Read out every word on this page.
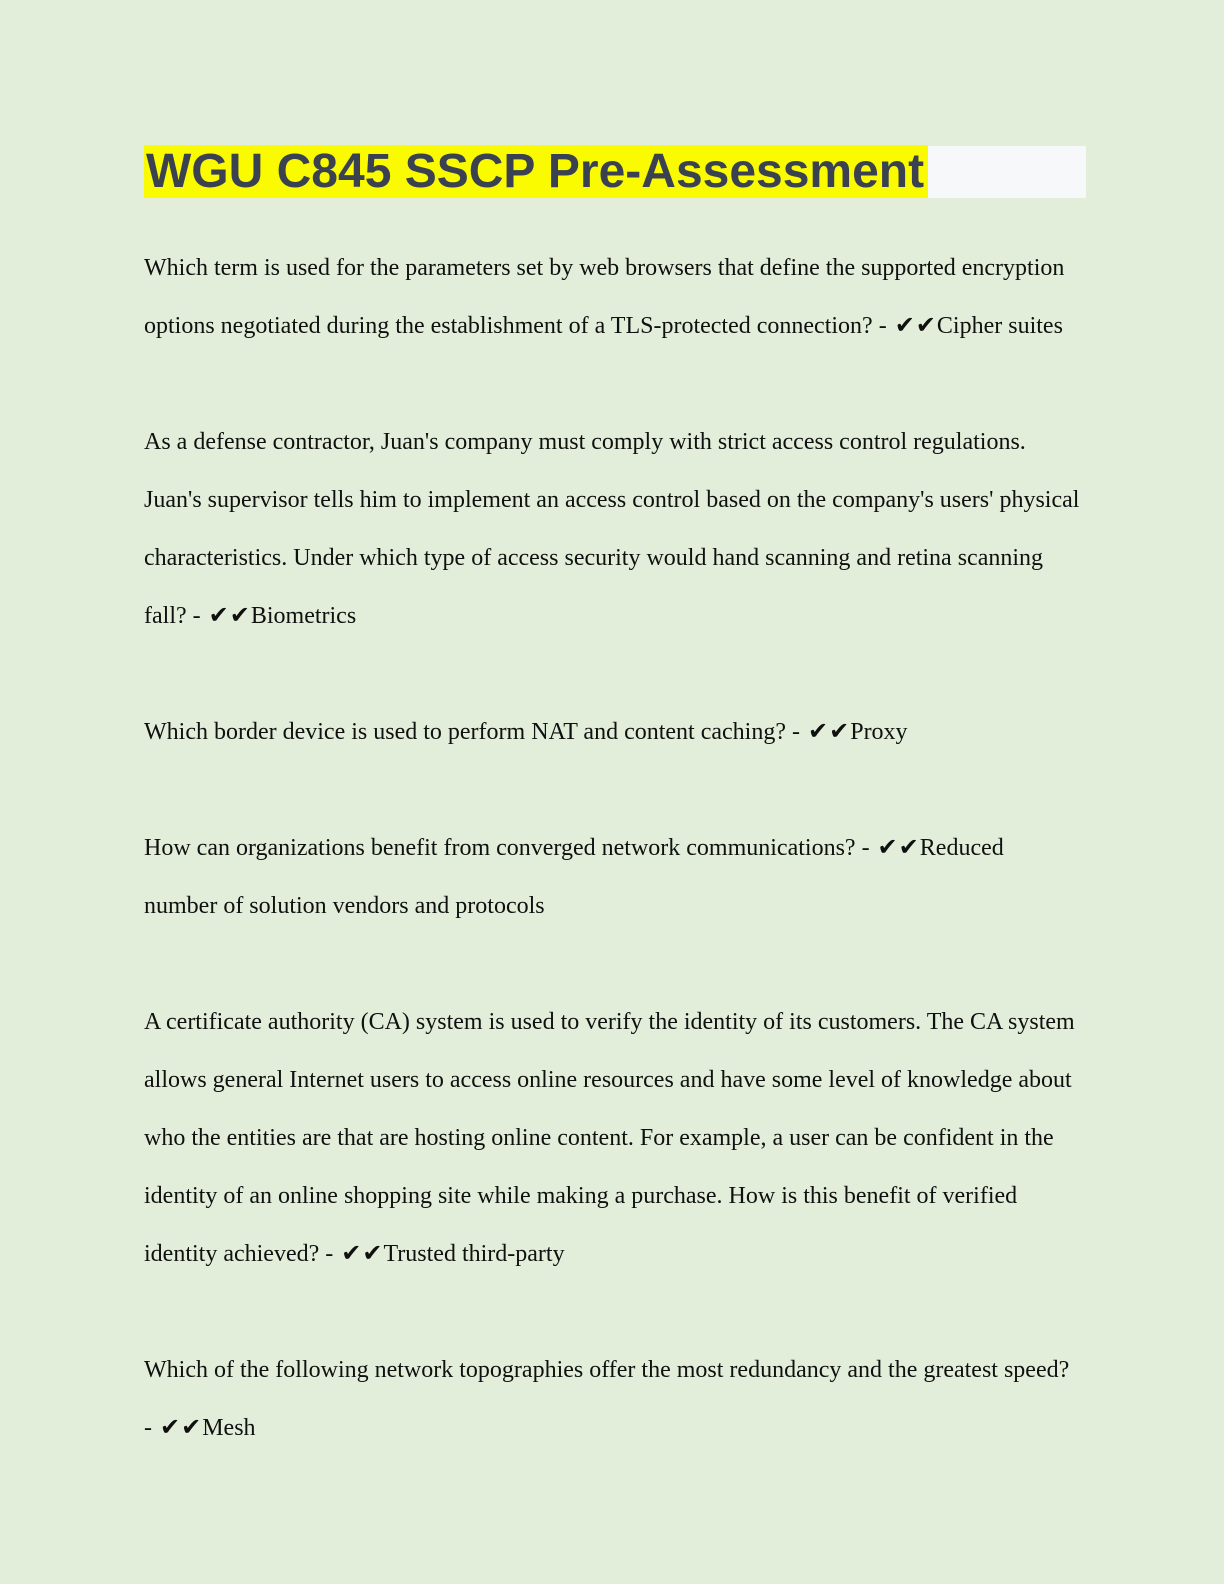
WGU C845 SSCP Pre-Assessment

Which term is used for the parameters set by web browsers that define the supported encryption options negotiated during the establishment of a TLS-protected connection? - ✔✔Cipher suites

As a defense contractor, Juan's company must comply with strict access control regulations. Juan's supervisor tells him to implement an access control based on the company's users' physical characteristics. Under which type of access security would hand scanning and retina scanning fall? - ✔✔Biometrics

Which border device is used to perform NAT and content caching? - ✔✔Proxy

How can organizations benefit from converged network communications? - ✔✔Reduced number of solution vendors and protocols

A certificate authority (CA) system is used to verify the identity of its customers. The CA system allows general Internet users to access online resources and have some level of knowledge about who the entities are that are hosting online content. For example, a user can be confident in the identity of an online shopping site while making a purchase. How is this benefit of verified identity achieved? - ✔✔Trusted third-party

Which of the following network topographies offer the most redundancy and the greatest speed? - ✔✔Mesh
